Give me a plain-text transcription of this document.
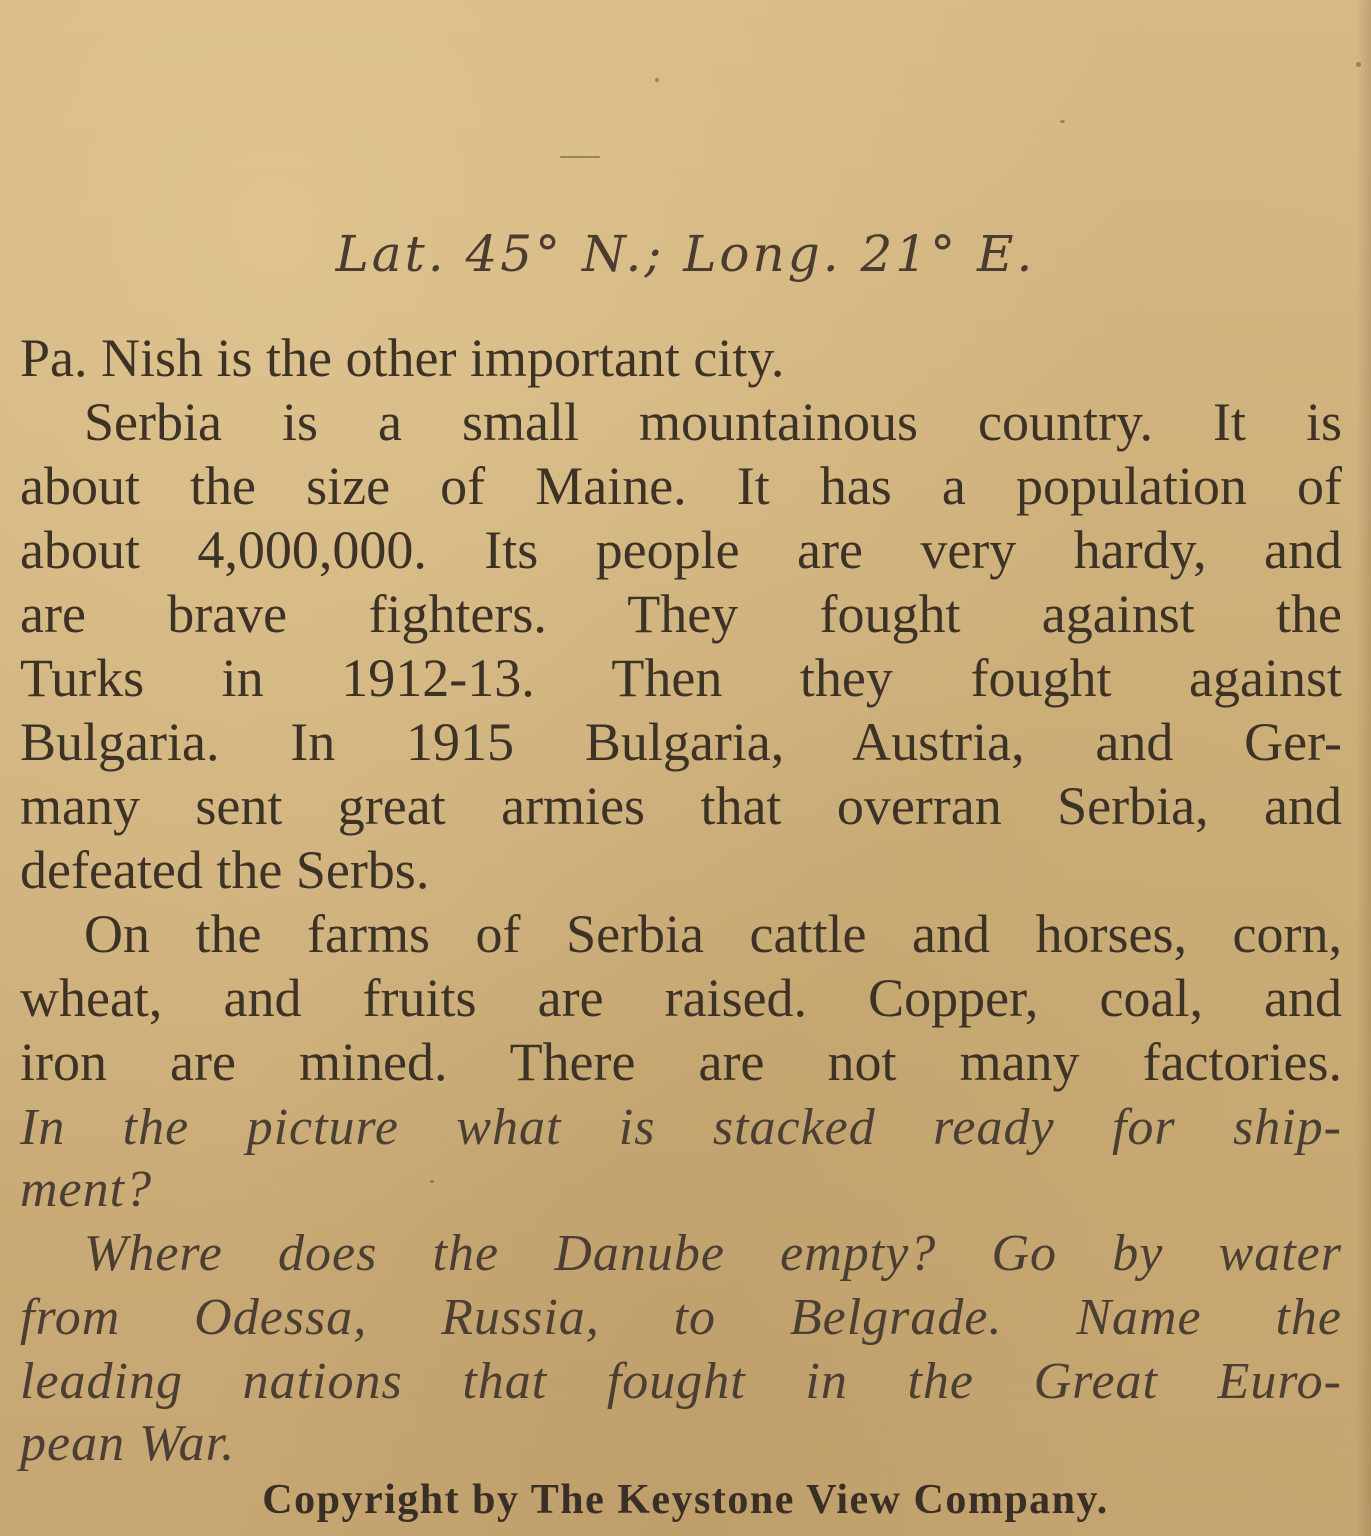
Lat. 45° N.; Long. 21° E.
Pa. Nish is the other important city.
Serbia is a small mountainous country. It is
about the size of Maine. It has a population of
about 4,000,000. Its people are very hardy, and
are brave fighters. They fought against the
Turks in 1912-13. Then they fought against
Bulgaria. In 1915 Bulgaria, Austria, and Ger-
many sent great armies that overran Serbia, and
defeated the Serbs.
On the farms of Serbia cattle and horses, corn,
wheat, and fruits are raised. Copper, coal, and
iron are mined. There are not many factories.
In the picture what is stacked ready for ship-
ment?
Where does the Danube empty? Go by water
from Odessa, Russia, to Belgrade. Name the
leading nations that fought in the Great Euro-
pean War.
Copyright by The Keystone View Company.
